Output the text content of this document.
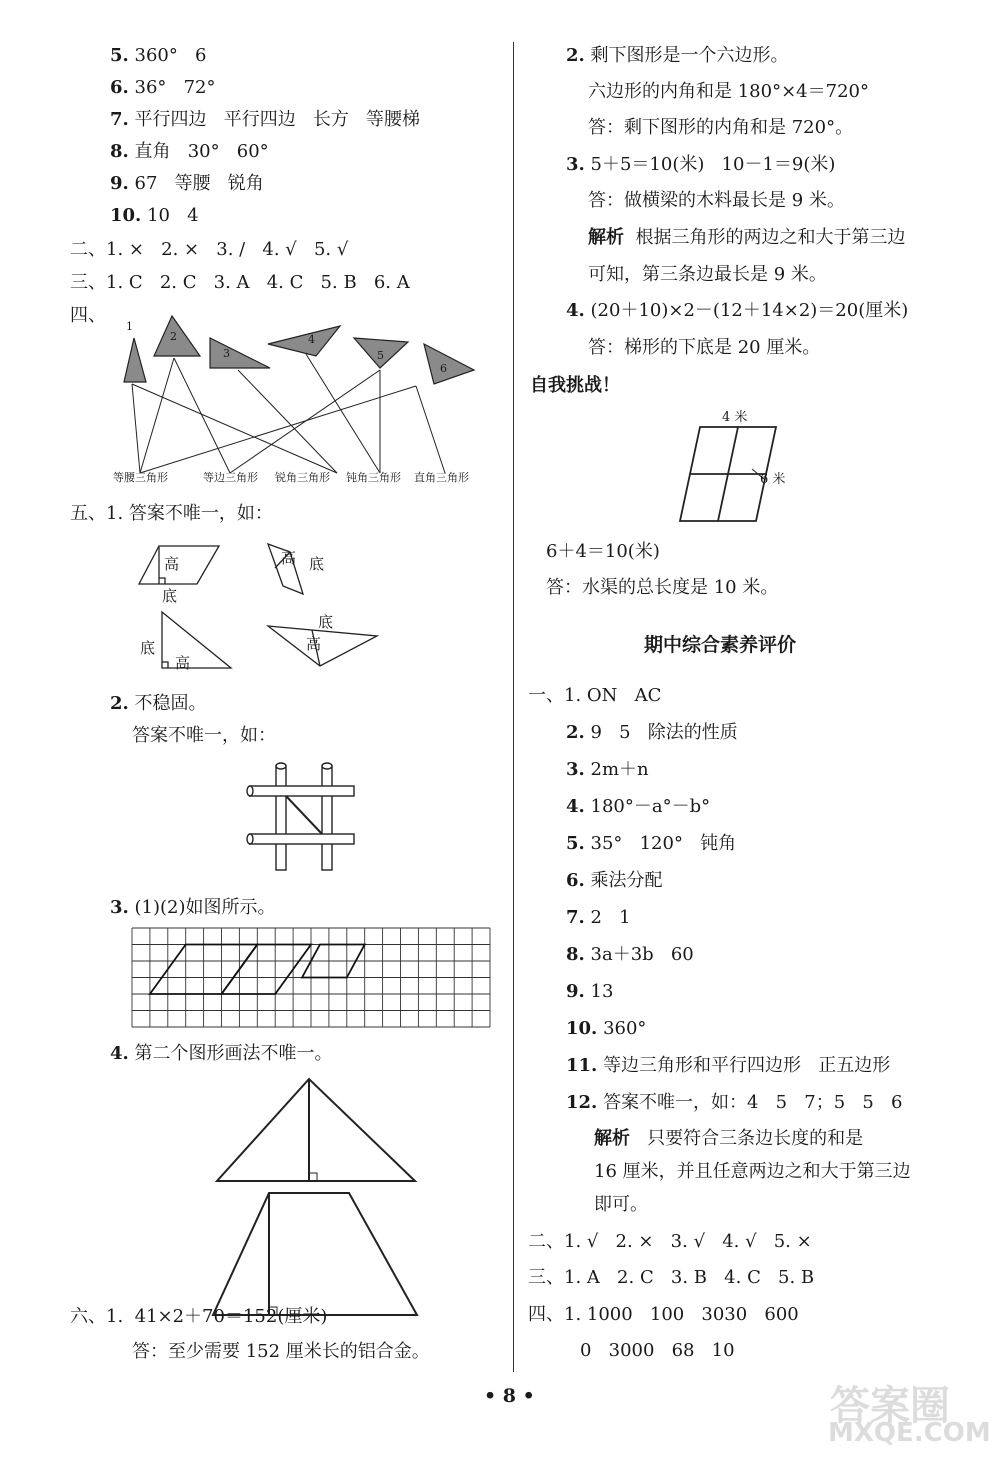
5. 360°   6
6. 36°   72°
7. 平行四边   平行四边   长方   等腰梯
8. 直角   30°   60°
9. 67   等腰   锐角
10. 10   4
二、1. ×   2. ×   3. /   4. √   5. √
三、1. C   2. C   3. A   4. C   5. B   6. A
四、
1
2
3
4
5
6
等腰三角形	等边三角形 锐角三角形 钝角三角形 直角三角形
五、1. 答案不唯一，如：
高
底
高 底
底
高
底
高
2. 不稳固。
答案不唯一，如：
3. (1)(2)如图所示。
4. 第二个图形画法不唯一。
六、1.  41×2＋70＝152(厘米)
答：至少需要 152 厘米长的铝合金。
2. 剩下图形是一个六边形。
六边形的内角和是 180°×4＝720°
答：剩下图形的内角和是 720°。
3. 5＋5＝10(米)   10－1＝9(米)
答：做横梁的木料最长是 9 米。
解析 根据三角形的两边之和大于第三边
可知，第三条边最长是 9 米。
4. (20＋10)×2－(12＋14×2)＝20(厘米)
答：梯形的下底是 20 厘米。
自我挑战！
4 米
6 米
6＋4＝10(米)
答：水渠的总长度是 10 米。
期中综合素养评价
一、1. ON   AC
2. 9   5   除法的性质
3. 2m＋n
4. 180°－a°－b°
5. 35°   120°   钝角
6. 乘法分配
7. 2   1
8. 3a＋3b   60
9. 13
10. 360°
11. 等边三角形和平行四边形   正五边形
12. 答案不唯一，如：4   5   7；5   5   6
解析 只要符合三条边长度的和是
16 厘米，并且任意两边之和大于第三边
即可。
二、1. √   2. ×   3. √   4. √   5. ×
三、1. A   2. C   3. B   4. C   5. B
四、1. 1000   100   3030   600
0   3000   68   10
• 8 •	答案圈
MXQE.COM
